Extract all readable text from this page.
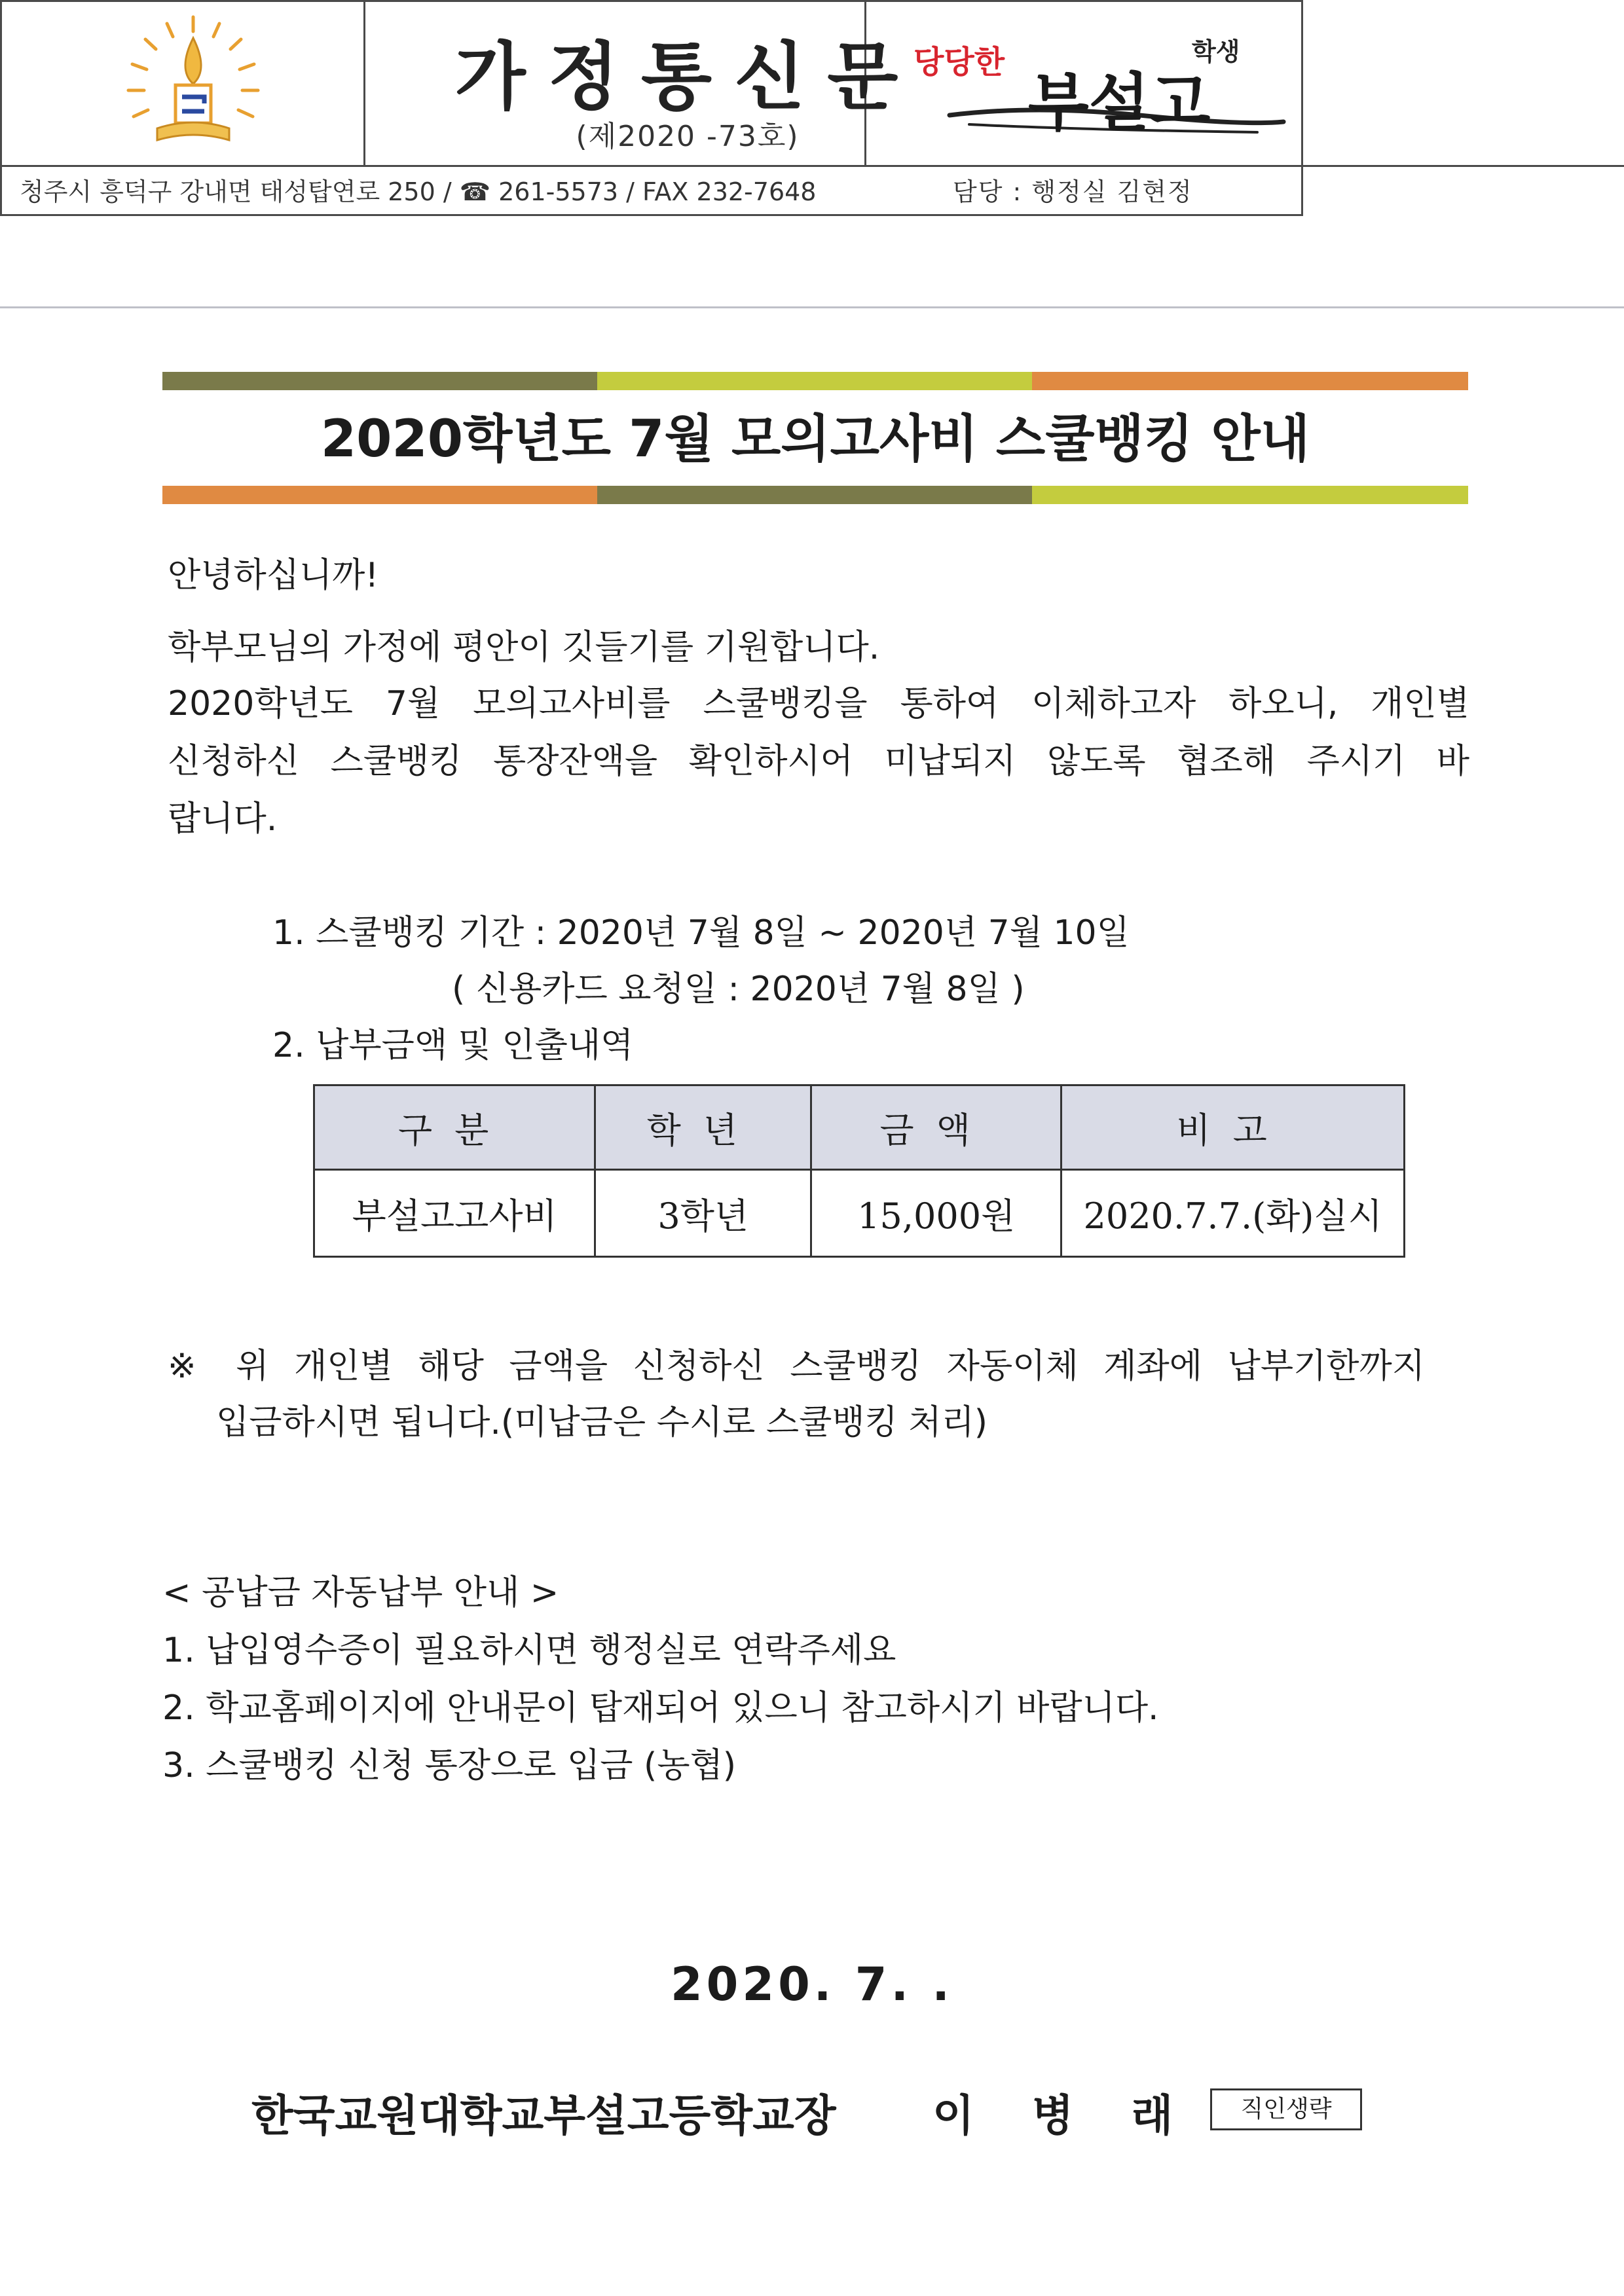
가정통신문
(제2020 -73호)
당당한	학생
부설고
청주시 흥덕구 강내면 태성탑연로 250 / ☎ 261-5573 / FAX 232-7648	담당 : 행정실 김현정
2020학년도 7월 모의고사비 스쿨뱅킹 안내
안녕하십니까!
학부모님의 가정에 평안이 깃들기를 기원합니다.
2020학년도 7월 모의고사비를 스쿨뱅킹을 통하여 이체하고자 하오니, 개인별
신청하신 스쿨뱅킹 통장잔액을 확인하시어 미납되지 않도록 협조해 주시기 바
랍니다.
1. 스쿨뱅킹 기간 : 2020년 7월 8일 ~ 2020년 7월 10일
( 신용카드 요청일 : 2020년 7월 8일 )
2. 납부금액 및 인출내역
구분	학년	금액	비고
부설고고사비	3학년	15,000원	2020.7.7.(화)실시
※ 위 개인별 해당 금액을 신청하신 스쿨뱅킹 자동이체 계좌에 납부기한까지
입금하시면 됩니다.(미납금은 수시로 스쿨뱅킹 처리)
< 공납금 자동납부 안내 >
1. 납입영수증이 필요하시면 행정실로 연락주세요
2. 학교홈페이지에 안내문이 탑재되어 있으니 참고하시기 바랍니다.
3. 스쿨뱅킹 신청 통장으로 입금 (농협)
2020. 7. .
한국교원대학교부설고등학교장 이병래 직인생략
